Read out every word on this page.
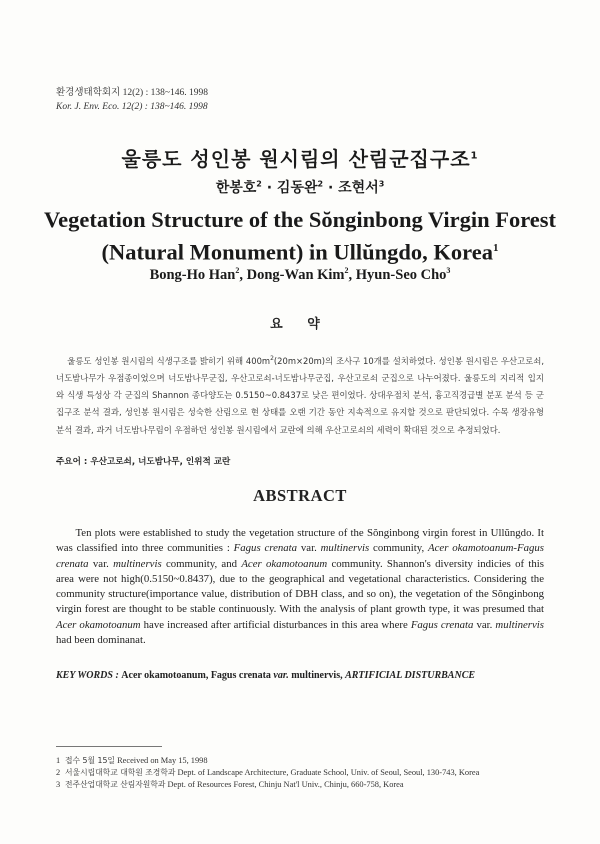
환경생태학회지 12(2) : 138~146. 1998
Kor. J. Env. Eco. 12(2) : 138~146. 1998
울릉도 성인봉 원시림의 산림군집구조$^1$
한봉호$^2$ · 김동완$^2$ · 조현서$^3$
Vegetation Structure of the Sŏnginbong Virgin Forest
(Natural Monument) in Ullŭngdo, Korea$^1$
Bong-Ho Han$^2$, Dong-Wan Kim$^2$, Hyun-Seo Cho$^3$
요 약
울릉도 성인봉 원시림의 식생구조를 밝히기 위해 $400m^2(20m\times 20m)$의 조사구 10개를 설치하였다. 성인봉 원시림은 우산고로쇠, 너도밤나무가 우점종이었으며 너도밤나무군집, 우산고로쇠-너도밤나무군집, 우산고로쇠 군집으로 나누어졌다. 울릉도의 지리적 입지와 식생 특성상 각 군집의 Shannon 종다양도는 0.5150~0.8437로 낮은 편이었다. 상대우점치 분석, 흉고직경급별 분포 분석 등 군집구조 분석 결과, 성인봉 원시림은 성숙한 산림으로 현 상태를 오랜 기간 동안 지속적으로 유지할 것으로 판단되었다. 수목 생장유형 분석 결과, 과거 너도밤나무림이 우점하던 성인봉 원시림에서 교란에 의해 우산고로쇠의 세력이 확대된 것으로 추정되었다.
주요어 : 우산고로쇠, 너도밤나무, 인위적 교란
ABSTRACT

Ten plots were established to study the vegetation structure of the Sŏnginbong virgin forest in Ullŭngdo. It was classified into three communities : Fagus crenata var. multinervis community, Acer okamotoanum-Fagus crenata var. multinervis community, and Acer okamotoanum community. Shannon's diversity indicies of this area were not high(0.5150~0.8437), due to the geographical and vegetational characteristics. Considering the community structure(importance value, distribution of DBH class, and so on), the vegetation of the Sŏnginbong virgin forest are thought to be stable continuously. With the analysis of plant growth type, it was presumed that Acer okamotoanum have increased after artificial disturbances in this area where Fagus crenata var. multinervis had been dominanat.

KEY WORDS : Acer okamotoanum, Fagus crenata var. multinervis, ARTIFICIAL DISTURBANCE
1 접수 5월 15일 Received on May 15, 1998
2 서울시립대학교 대학원 조경학과 Dept. of Landscape Architecture, Graduate School, Univ. of Seoul, Seoul, 130-743, Korea
3 전주산업대학교 산림자원학과 Dept. of Resources Forest, Chinju Nat'l Univ., Chinju, 660-758, Korea
